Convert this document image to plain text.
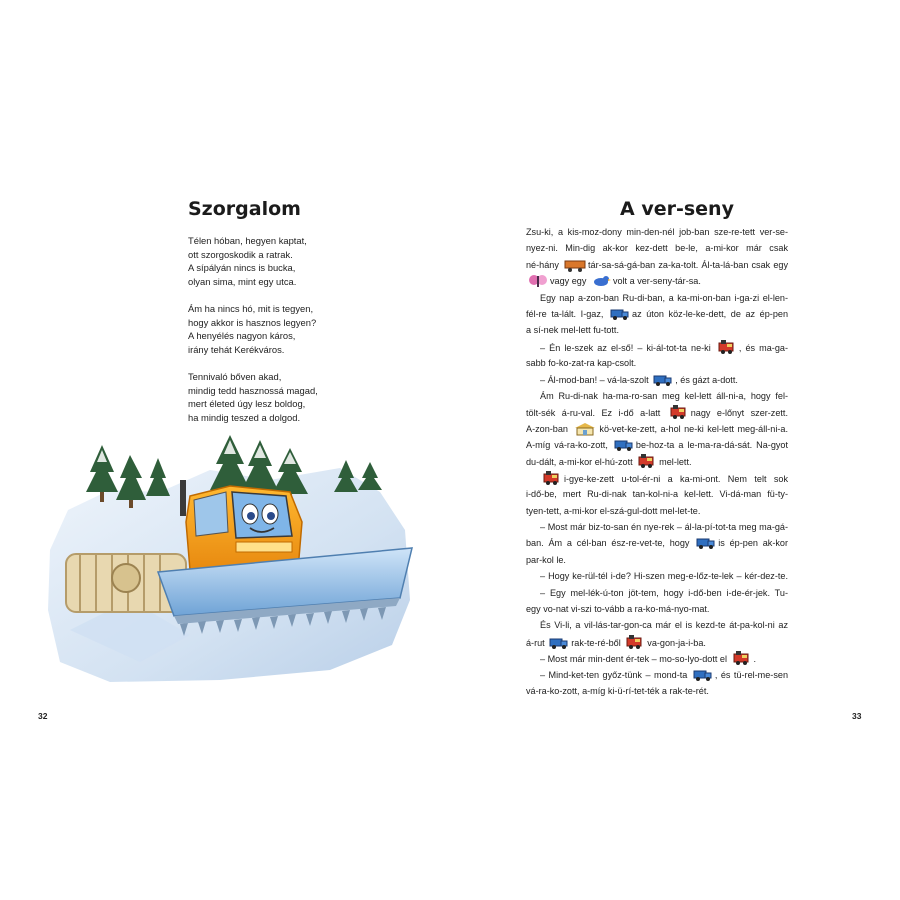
Szorgalom
Télen hóban, hegyen kaptat,
ott szorgoskodik a ratrak.
A sípályán nincs is bucka,
olyan sima, mint egy utca.
Ám ha nincs hó, mit is tegyen,
hogy akkor is hasznos legyen?
A henyélés nagyon káros,
irány tehát Kerékváros.
Tennivaló bőven akad,
mindig tedd hasznossá magad,
mert életed úgy lesz boldog,
ha mindig teszed a dolgod.
32
A ver-seny
Zsu-ki, a kis-moz-dony min-den-nél job-ban sze-re-tett ver-se-
nyez-ni. Min-dig ak-kor kez-dett be-le, a-mi-kor már csak
né-hány	tár-sa-sá-gá-ban za-ka-tolt. Ál-ta-lá-ban csak egy
vagy egy	volt a ver-seny-tár-sa.
Egy nap a-zon-ban Ru-di-ban, a ka-mi-on-ban i-ga-zi el-len-
fél-re ta-lált. I-gaz,	az úton köz-le-ke-dett, de az ép-pen
a sí-nek mel-lett fu-tott.
– Én le-szek az el-ső! – ki-ál-tot-ta ne-ki	, és ma-ga-
sabb fo-ko-zat-ra kap-csolt.
– Ál-mod-ban! – vá-la-szolt	, és gázt a-dott.
Ám Ru-di-nak ha-ma-ro-san meg kel-lett áll-ni-a, hogy fel-
tölt-sék á-ru-val. Ez i-dő a-latt	nagy e-lőnyt szer-zett.
A-zon-ban	kö-vet-ke-zett, a-hol ne-ki kel-lett meg-áll-ni-a.
A-míg vá-ra-ko-zott,	be-hoz-ta a le-ma-ra-dá-sát. Na-gyot
du-dált, a-mi-kor el-hú-zott	mel-lett.
i-gye-ke-zett u-tol-ér-ni a ka-mi-ont. Nem telt sok
i-dő-be, mert Ru-di-nak tan-kol-ni-a kel-lett. Vi-dá-man fü-ty-
tyen-tett, a-mi-kor el-szá-gul-dott mel-let-te.
– Most már biz-to-san én nye-rek – ál-la-pí-tot-ta meg ma-gá-
ban. Ám a cél-ban ész-re-vet-te, hogy	is ép-pen ak-kor
par-kol le.
– Hogy ke-rül-tél i-de? Hi-szen meg-e-lőz-te-lek – kér-dez-te.
– Egy mel-lék-ú-ton jöt-tem, hogy i-dő-ben i-de-ér-jek. Tu-
egy vo-nat vi-szi to-vább a ra-ko-má-nyo-mat.
És Vi-li, a vil-lás-tar-gon-ca már el is kezd-te át-pa-kol-ni az
á-rut	rak-te-ré-ből	va-gon-ja-i-ba.
– Most már min-dent ér-tek – mo-so-lyo-dott el	.
– Mind-ket-ten győz-tünk – mond-ta	, és tü-rel-me-sen
vá-ra-ko-zott, a-míg ki-ü-rí-tet-ték a rak-te-rét.
33
